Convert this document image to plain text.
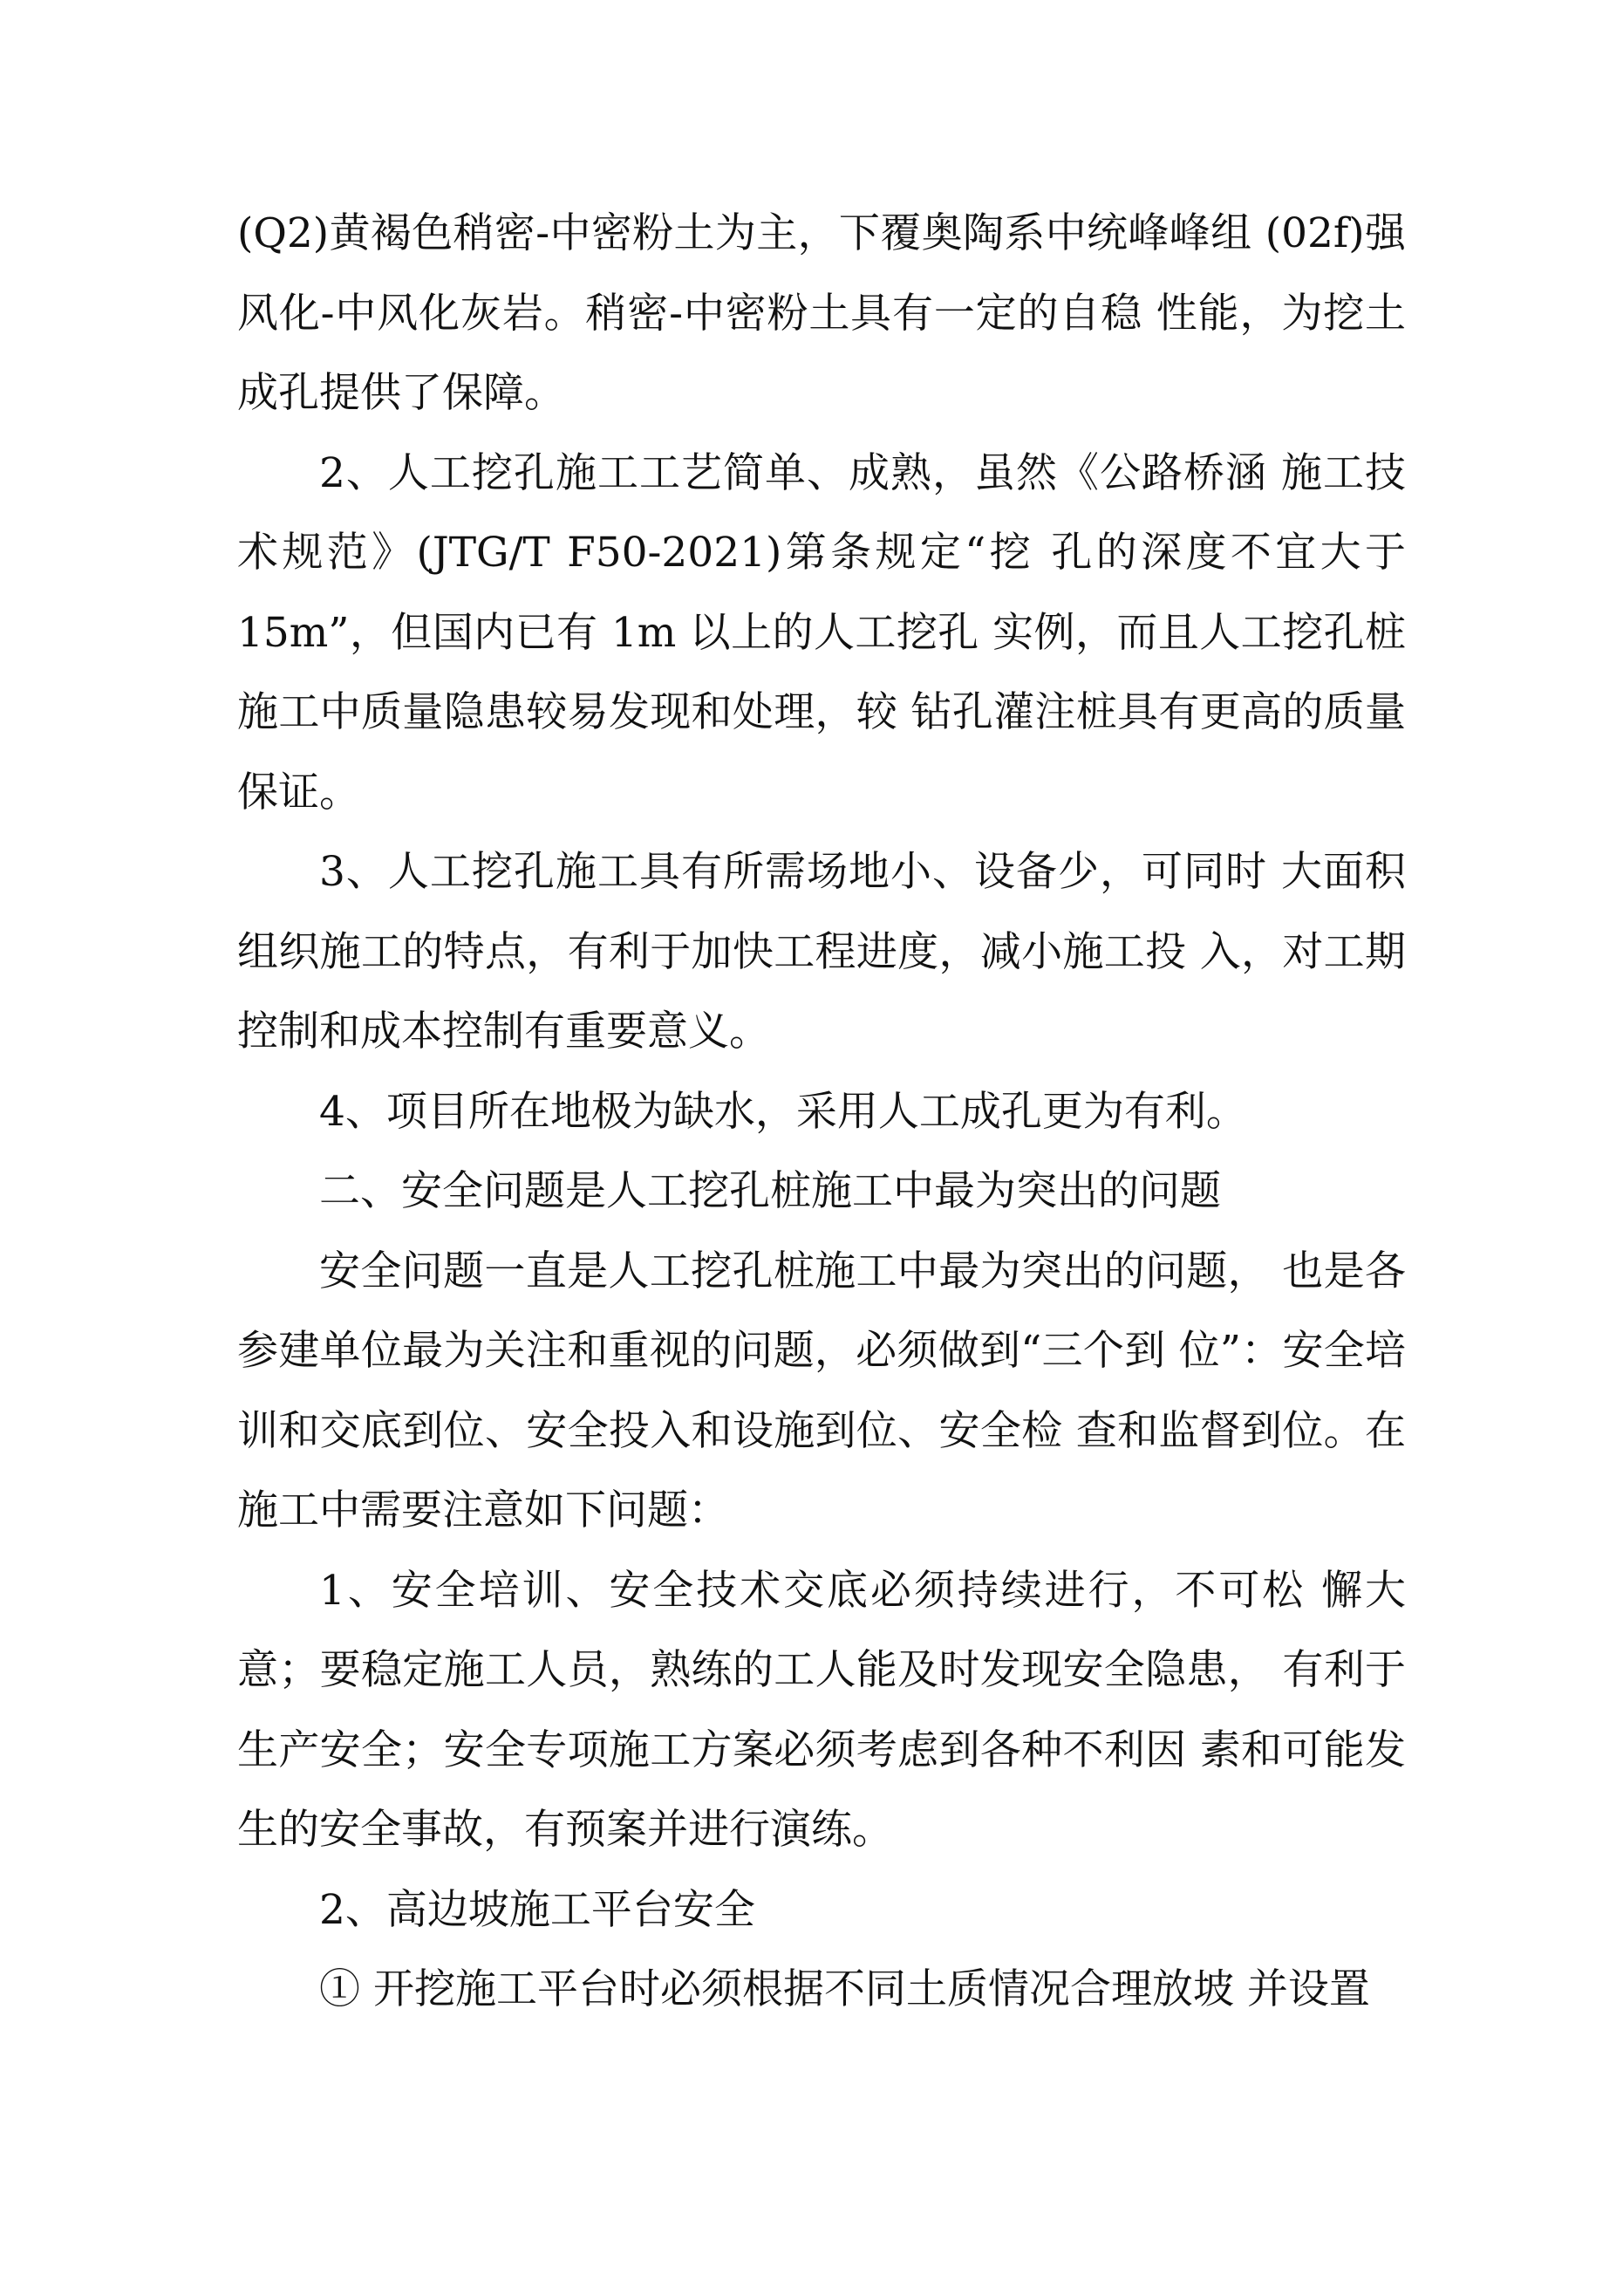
(Q2)黄褐色稍密-中密粉土为主，下覆奥陶系中统峰峰组 (02f)强风化-中风化灰岩。稍密-中密粉土具有一定的自稳 性能，为挖土成孔提供了保障。

2、人工挖孔施工工艺简单、成熟，虽然《公路桥涵 施工技术规范》(JTG/T F50-2021)第条规定“挖 孔的深度不宜大于 15m”，但国内已有 1m 以上的人工挖孔 实例，而且人工挖孔桩施工中质量隐患较易发现和处理，较 钻孔灌注桩具有更高的质量保证。

3、人工挖孔施工具有所需场地小、设备少，可同时 大面积组织施工的特点，有利于加快工程进度，减小施工投 入，对工期控制和成本控制有重要意义。

4、项目所在地极为缺水，采用人工成孔更为有利。

二、安全问题是人工挖孔桩施工中最为突出的问题

安全问题一直是人工挖孔桩施工中最为突出的问题， 也是各参建单位最为关注和重视的问题，必须做到“三个到 位”：安全培训和交底到位、安全投入和设施到位、安全检 查和监督到位。在施工中需要注意如下问题：

1、安全培训、安全技术交底必须持续进行，不可松 懈大意；要稳定施工人员，熟练的工人能及时发现安全隐患， 有利于生产安全；安全专项施工方案必须考虑到各种不利因 素和可能发生的安全事故，有预案并进行演练。

2、高边坡施工平台安全

① 开挖施工平台时必须根据不同土质情况合理放坡 并设置
